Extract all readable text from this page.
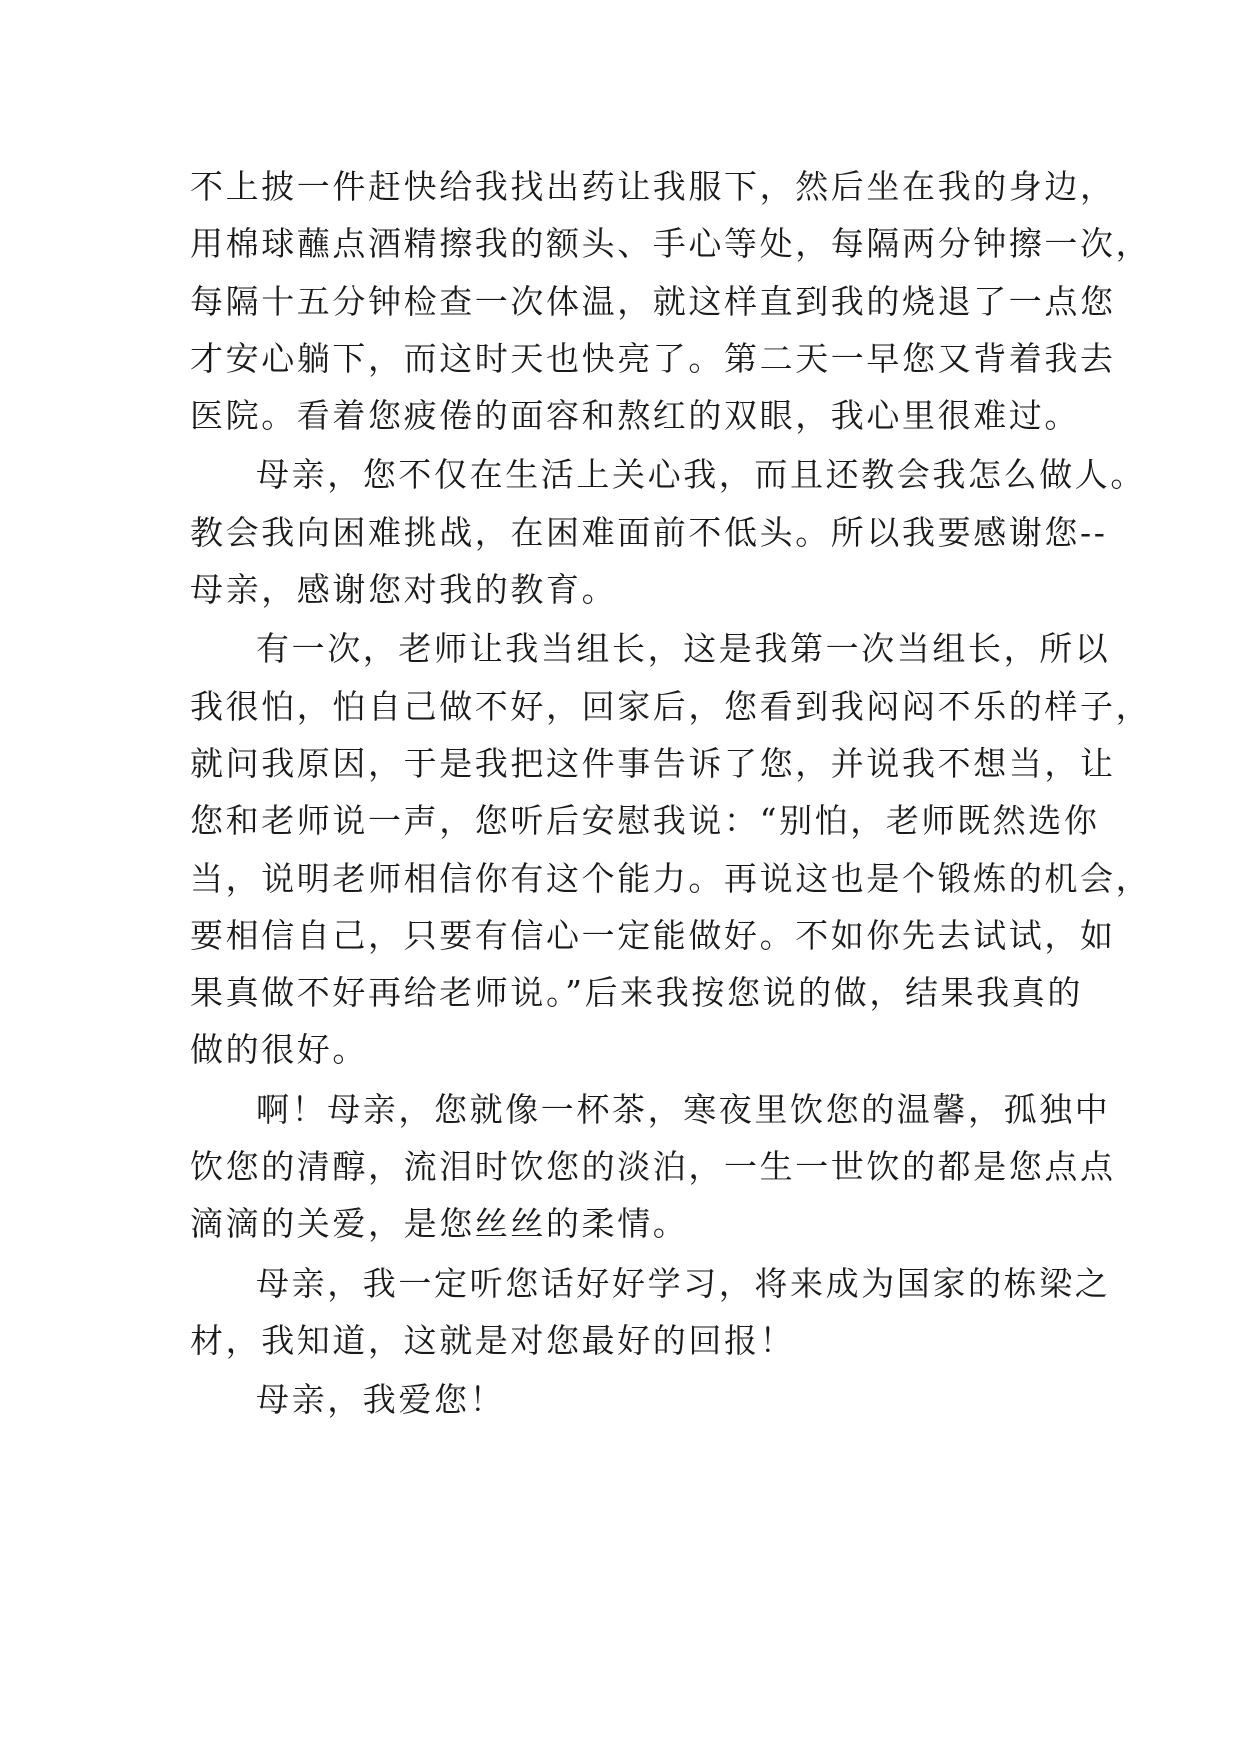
不上披一件赶快给我找出药让我服下，然后坐在我的身边，
用棉球蘸点酒精擦我的额头、手心等处，每隔两分钟擦一次，
每隔十五分钟检查一次体温，就这样直到我的烧退了一点您
才安心躺下，而这时天也快亮了。第二天一早您又背着我去
医院。看着您疲倦的面容和熬红的双眼，我心里很难过。
母亲，您不仅在生活上关心我，而且还教会我怎么做人。
教会我向困难挑战，在困难面前不低头。所以我要感谢您--
母亲，感谢您对我的教育。
有一次，老师让我当组长，这是我第一次当组长，所以
我很怕，怕自己做不好，回家后，您看到我闷闷不乐的样子，
就问我原因，于是我把这件事告诉了您，并说我不想当，让
您和老师说一声，您听后安慰我说：“别怕，老师既然选你
当，说明老师相信你有这个能力。再说这也是个锻炼的机会，
要相信自己，只要有信心一定能做好。不如你先去试试，如
果真做不好再给老师说。”后来我按您说的做，结果我真的
做的很好。
啊！母亲，您就像一杯茶，寒夜里饮您的温馨，孤独中
饮您的清醇，流泪时饮您的淡泊，一生一世饮的都是您点点
滴滴的关爱，是您丝丝的柔情。
母亲，我一定听您话好好学习，将来成为国家的栋梁之
材，我知道，这就是对您最好的回报！
母亲，我爱您！
